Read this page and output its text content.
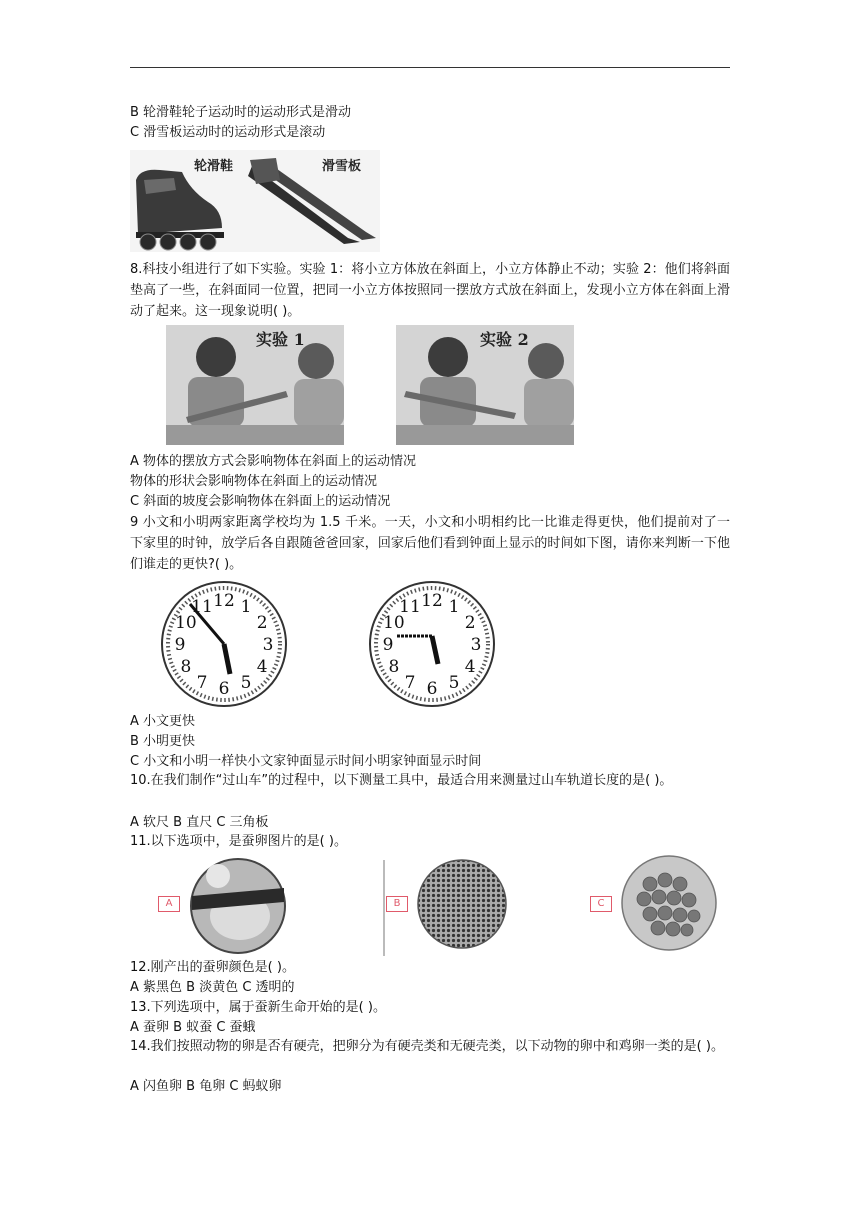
B 轮滑鞋轮子运动时的运动形式是滑动
C 滑雪板运动时的运动形式是滚动
轮滑鞋	滑雪板
8.科技小组进行了如下实验。实验 1：将小立方体放在斜面上，小立方体静止不动；实验 2：他们将斜面垫高了一些，在斜面同一位置，把同一小立方体按照同一摆放方式放在斜面上，发现小立方体在斜面上滑动了起来。这一现象说明( )。
实验 1	实验 2
A 物体的摆放方式会影响物体在斜面上的运动情况
物体的形状会影响物体在斜面上的运动情况
C 斜面的坡度会影响物体在斜面上的运动情况
9 小文和小明两家距离学校均为 1.5 千米。一天，小文和小明相约比一比谁走得更快，他们提前对了一下家里的时钟，放学后各自跟随爸爸回家，回家后他们看到钟面上显示的时间如下图，请你来判断一下他们谁走的更快?( )。
12 1
2
3
4
5
6
7
8
9
10
11	12 1
2
3
4
5
6
7
8
9
10
11
A 小文更快
B 小明更快
C 小文和小明一样快小文家钟面显示时间小明家钟面显示时间
10.在我们制作“过山车”的过程中，以下测量工具中，最适合用来测量过山车轨道长度的是( )。
A 软尺 B 直尺 C 三角板
11.以下选项中，是蚕卵图片的是( )。
A	B	C
12.刚产出的蚕卵颜色是( )。
A 紫黑色 B 淡黄色 C 透明的
13.下列选项中，属于蚕新生命开始的是( )。
A 蚕卵 B 蚁蚕 C 蚕蛾
14.我们按照动物的卵是否有硬壳，把卵分为有硬壳类和无硬壳类，以下动物的卵中和鸡卵一类的是( )。
A 闪鱼卵 B 龟卵 C 蚂蚁卵
